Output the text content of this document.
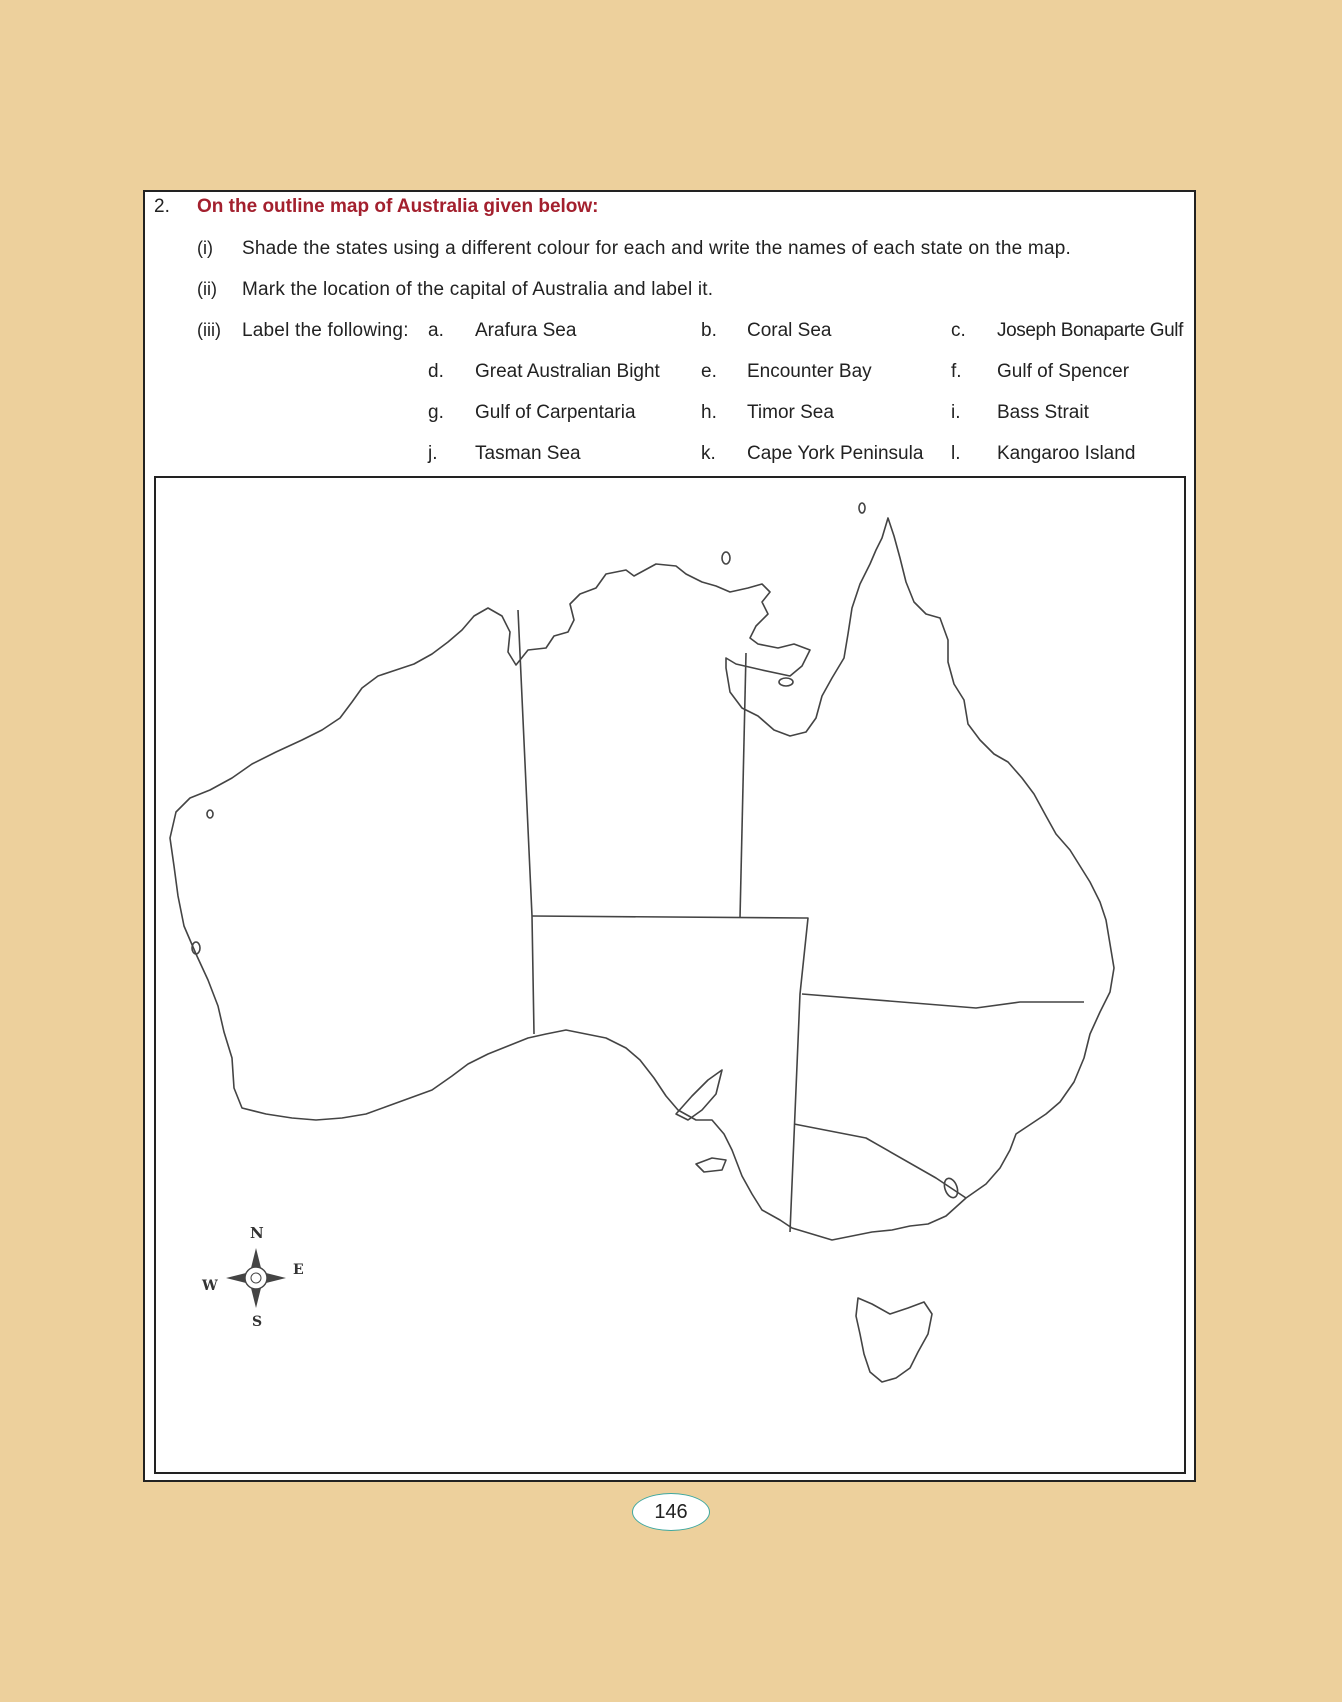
2. On the outline map of Australia given below:
(i) Shade the states using a different colour for each and write the names of each state on the map.
(ii) Mark the location of the capital of Australia and label it.
(iii) Label the following: a. Arafura Sea	b. Coral Sea	c. Joseph Bonaparte Gulf
d. Great Australian Bight e. Encounter Bay	f. Gulf of Spencer
g. Gulf of Carpentaria	h. Timor Sea	i. Bass Strait
j. Tasman Sea	k. Cape York Peninsula l. Kangaroo Island
N
S
E
W
146
